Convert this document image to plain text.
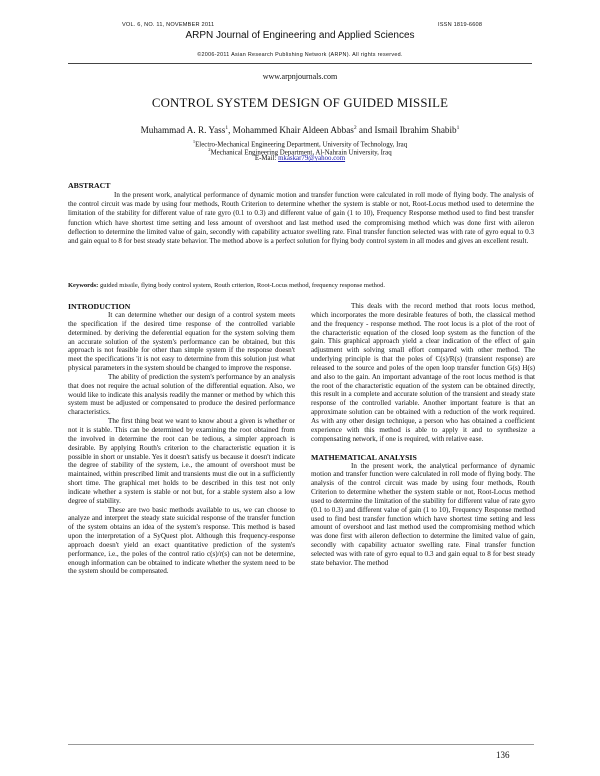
VOL. 6, NO. 11, NOVEMBER 2011	ISSN 1819-6608
ARPN Journal of Engineering and Applied Sciences
©2006-2011 Asian Research Publishing Network (ARPN). All rights reserved.
www.arpnjournals.com
CONTROL SYSTEM DESIGN OF GUIDED MISSILE
Muhammad A. R. Yass$^1$, Mohammed Khair Aldeen Abbas$^2$ and Ismail Ibrahim Shabib$^1$
$^1$Electro-Mechanical Engineering Department, University of Technology, Iraq
$^2$Mechanical Engineering Department, Al-Nahrain University, Iraq
E-Mail: mkaskar79@yahoo.com
ABSTRACT

In the present work, analytical performance of dynamic motion and transfer function were calculated in roll mode of flying body. The analysis of the control circuit was made by using four methods, Routh Criterion to determine whether the system is stable or not, Root-Locus method used to determine the limitation of the stability for different value of rate gyro (0.1 to 0.3) and different value of gain (1 to 10), Frequency Response method used to find best transfer function which have shortest time setting and less amount of overshoot and last method used the compromising method which was done first with aileron deflection to determine the limited value of gain, secondly with capability actuator swelling rate. Final transfer function selected was with rate of gyro equal to 0.3 and gain equal to 8 for best steady state behavior. The method above is a perfect solution for flying body control system in all modes and gives an excellent result.

Keywords: guided missile, flying body control system, Routh criterion, Root-Locus method, frequency response method.

INTRODUCTION

It can determine whether our design of a control system meets the specification if the desired time response of the controlled variable determined. by deriving the deferential equation for the system solving them an accurate solution of the system's performance can be obtained, but this approach is not feasible for other than simple system if the response doesn't meet the specifications 'it is not easy to determine from this solution just what physical parameters in the system should be changed to improve the response.

The ability of prediction the system's performance by an analysis that does not require the actual solution of the differential equation. Also, we would like to indicate this analysis readily the manner or method by which this system must be adjusted or compensated to produce the desired performance characteristics.

The first thing beat we want to know about a given is whether or not it is stable. This can be determined by examining the root obtained from the involved in determine the root can be tedious, a simpler approach is desirable. By applying Routh's criterion to the characteristic equation it is possible in short or unstable. Yes it doesn't satisfy us because it doesn't indicate the degree of stability of the system, i.e., the amount of overshoot must be maintained, within prescribed limit and transients must die out in a sufficiently short time. The graphical met holds to be described in this test not only indicate whether a system is stable or not but, for a stable system also a low degree of stability.

These are two basic methods available to us, we can choose to analyze and interpret the steady state suicidal response of the transfer function of the system obtains an idea of the system's response. This method is based upon the interpretation of a SyQuest plot. Although this frequency-response approach doesn't yield an exact quantitative prediction of the system's performance, i.e., the poles of the control ratio c(s)/r(s) can not be determine, enough information can be obtained to indicate whether the system need to be the system should be compensated.

This deals with the record method that roots locus method, which incorporates the more desirable features of both, the classical method and the frequency - response method. The root locus is a plot of the root of the characteristic equation of the closed loop system as the function of the gain. This graphical approach yield a clear indication of the effect of gain adjustment with solving small effort compared with other method. The underlying principle is that the poles of C(s)/R(s) (transient response) are released to the source and poles of the open loop transfer function G(s) H(s) and also to the gain. An important advantage of the root locus method is that the root of the characteristic equation of the system can be obtained directly, this result in a complete and accurate solution of the transient and steady state response of the controlled variable. Another important feature is that an approximate solution can be obtained with a reduction of the work required. As with any other design technique, a person who has obtained a coefficient experience with this method is able to apply it and to synthesize a compensating network, if one is required, with relative ease.

MATHEMATICAL ANALYSIS

In the present work, the analytical performance of dynamic motion and transfer function were calculated in roll mode of flying body. The analysis of the control circuit was made by using four methods, Routh Criterion to determine whether the system stable or not, Root-Locus method used to determine the limitation of the stability for different value of rate gyro (0.1 to 0.3) and different value of gain (1 to 10), Frequency Response method used to find best transfer function which have shortest time setting and less amount of overshoot and last method used the compromising method which was done first with aileron deflection to determine the limited value of gain, secondly with capability actuator swelling rate. Final transfer function selected was with rate of gyro equal to 0.3 and gain equal to 8 for best steady state behavior. The method

136
